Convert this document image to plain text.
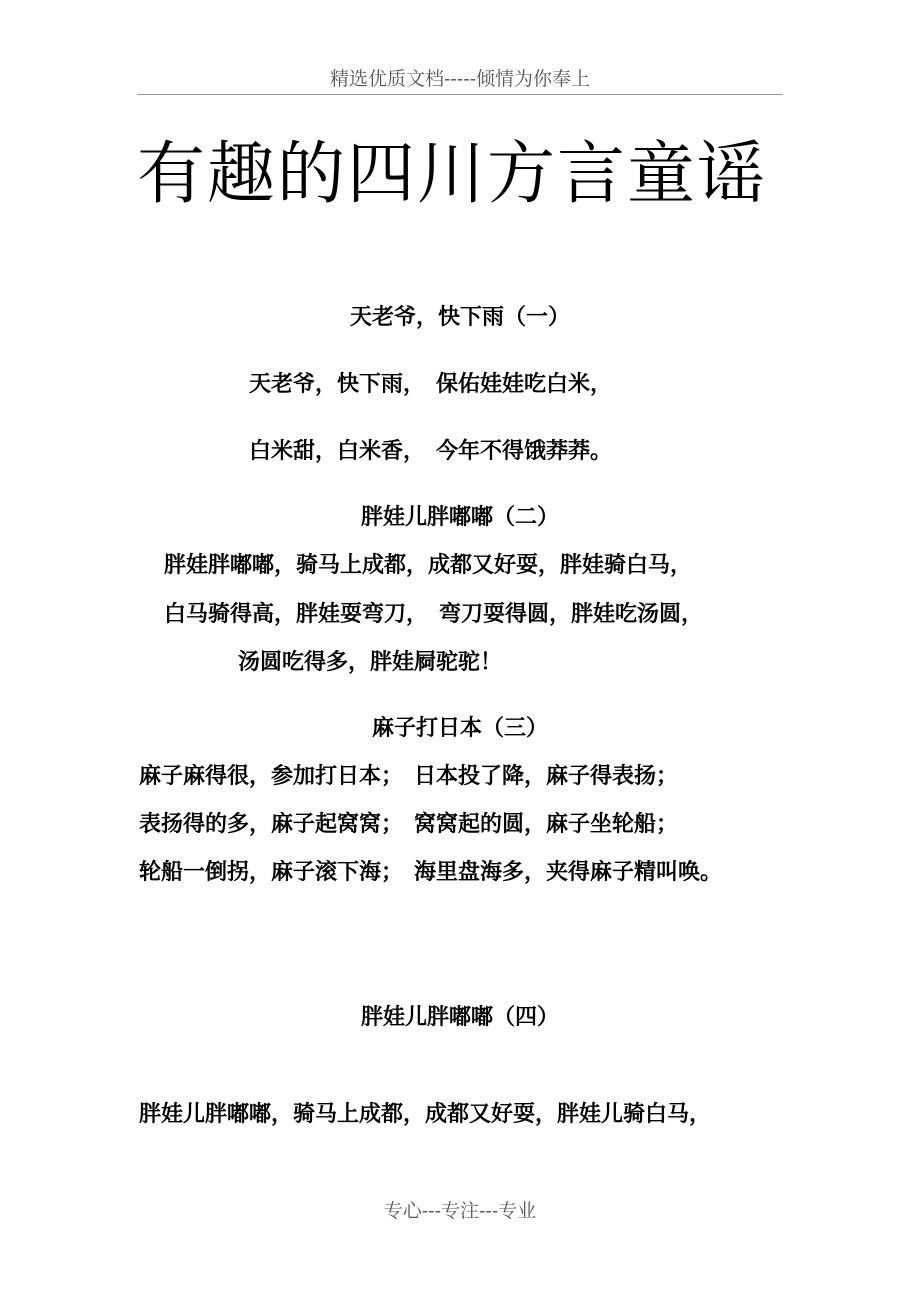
精选优质文档-----倾情为你奉上
有趣的四川方言童谣
天老爷，快下雨（一）
天老爷，快下雨，　保佑娃娃吃白米，
白米甜，白米香，　今年不得饿莽莽。
胖娃儿胖嘟嘟（二）
胖娃胖嘟嘟，骑马上成都，成都又好耍，胖娃骑白马，
白马骑得高，胖娃耍弯刀，　弯刀耍得圆，胖娃吃汤圆，
汤圆吃得多，胖娃屙驼驼！
麻子打日本（三）
麻子麻得很，参加打日本；　日本投了降，麻子得表扬；
表扬得的多，麻子起窝窝；　窝窝起的圆，麻子坐轮船；
轮船一倒拐，麻子滚下海；　海里盘海多，夹得麻子精叫唤。
胖娃儿胖嘟嘟（四）
胖娃儿胖嘟嘟，骑马上成都，成都又好耍，胖娃儿骑白马，
专心---专注---专业
